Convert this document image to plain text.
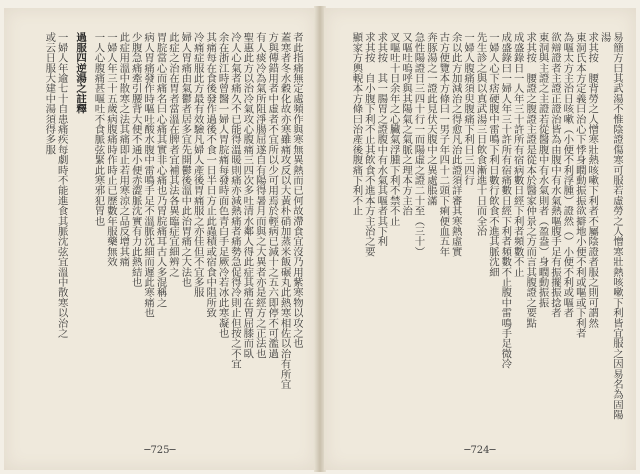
者此指痛無定處頻作與寒無異熱而已何故滯食宜沒乃用紫寒物以攻之也

蓋寒者冬水穀化故亦寒雖痛攻反以大黃朴硝加蒸米飯碾丸此熱寒相佐以治有所宜

方與傳錯用者中虛者不宜所以少可用焉於輕病已減十之五六即停不可濫過

有人痰冷為氣所阻淨腸屈遂自有陽得暑月而與之大異者亦是經方之正法也

聖惠此方以治冷氣攻心腹痛三四次多吐清水鄰人得此症其痛在胃屈膝而臥

冷人心氣者痛久不已能得溫暖則痛亦減熱痛者痛勢急促得冷則止但按之不宜

余在浙江時曾醫一婦人胃脘痛每發時面色青白手足厥冷若冰此寒凝也

其痛每在食後發作過後不食一日半日方止此蟲積或宿食中阻所致

冷痛症服此方最有效驗凡婦人產後胃痛服之亦佳但不宜多服

婦人胃痛由氣鬱者居多宜先開鬱後溫中此治胃痛之大法也

此症之治在胃者當溫在脾者宜補其法各異臨症宜細辨之

胃脘當心而痛名曰心痛其實非心痛也乃胃脘痛耳古人多混稱之

病人胃痛發作時嘔吐酸水腹中雷鳴手足不溫脈沈細而遲此寒痛也

少腹急痛牽引腰背大便不通小便赤澀脈沈實有力此熱結也

此症用溫中散寒之法其痛即止若用寒涼之品反增其痛

一婦人年三十五歲病腹痛時作時止已歷數年服藥無效

一人心腹痛甚嘔吐不食脈弦緊此寒邪犯胃也

過服四逆湯之註釋

一婦人年逾七十自患痛疾每劇時不能進食其脈沈弦宜溫中散寒以治之

或云日服大建中湯須得多服

─725─

易簡方曰其武湯不惟陰證傷寒可服若虛勞之人憎寒壯熱咳嗽下利皆宜服之因易名為固陽湯

求其按　腰背勞之人憎寒壯熱咳嗽下利者不屬陰證者服之則可謂然

東洞氏本方定義曰治心下悸身瞤動振振欲擗地小便不利或嘔或下利者

為嘔太方主治日咳嗽（小便不利浮腫）證然（）小便不利或嘔者

欲辯證者主證正證治皆為由腹中有水氣熱嘔腹手足有振擺振捻者

東洞與主證之主證若從醫腹中有水氣則者（盈盎）身瞤動振振

求其按　腰證之腹證主證是從本於醫家仲景之方而言其腹證之要點

成盛錄日一人年三十許所有宿病數日經下利者頻數不止

成盛錄曰一婦人年三十許所有宿痛數日經下利者頻數不止腹中雷鳴手足微冷

一婦人心下痞硬腹中雷鳴下利日數行飲食不進其脈沈細

先生診之與以真武湯三日飲食漸進十日而全治

一婦人腹痛須臾腹痛下利日三四行

余以此方加減治之得愈凡治此證須詳審其寒熱虛實

古方便覽本方條曰一男子年四十二頭下痢便血五年

奔豚湯之一證此見伏天腹中之異處脹滿

急性陽證日三四十行一而陽虛之證二十至（三十）

又嘔吐嗚呼與其陽氣之氣脈之理本方主治

叉嘔吐十日余年之心臟氣浮腫下利不禁不止

求其按　其一腸胃之證腹中有水氣其嘔者其下利

求其按　自小腹下利不止其飲食不進本方主治之要

顯家方輿輗本方條曰治產後腹痛下利不止

─724─
